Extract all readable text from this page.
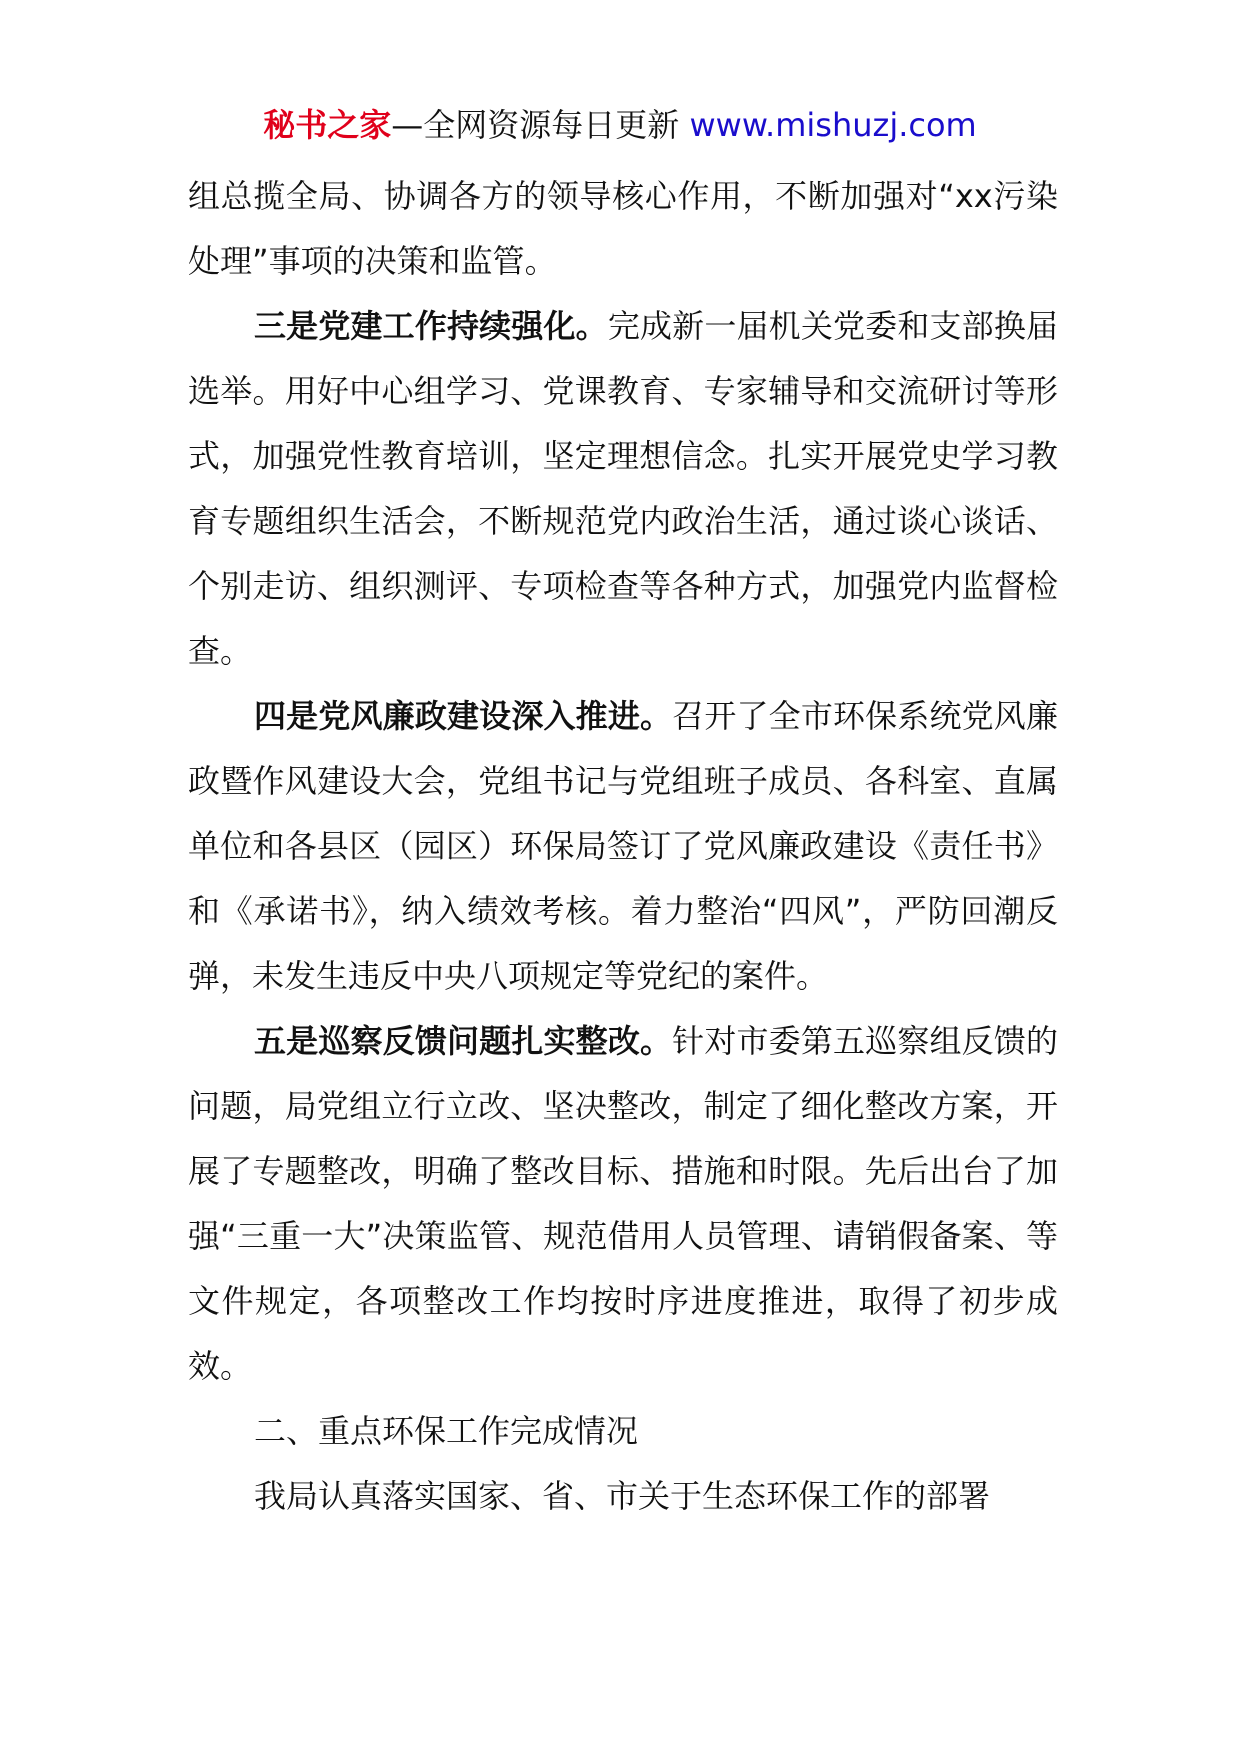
秘书之家—全网资源每日更新 www.mishuzj.com

组总揽全局、协调各方的领导核心作用，不断加强对“xx污染处理”事项的决策和监管。

三是党建工作持续强化。完成新一届机关党委和支部换届选举。用好中心组学习、党课教育、专家辅导和交流研讨等形式，加强党性教育培训，坚定理想信念。扎实开展党史学习教育专题组织生活会，不断规范党内政治生活，通过谈心谈话、个别走访、组织测评、专项检查等各种方式，加强党内监督检查。

四是党风廉政建设深入推进。召开了全市环保系统党风廉政暨作风建设大会，党组书记与党组班子成员、各科室、直属单位和各县区（园区）环保局签订了党风廉政建设《责任书》和《承诺书》，纳入绩效考核。着力整治“四风”，严防回潮反弹，未发生违反中央八项规定等党纪的案件。

五是巡察反馈问题扎实整改。针对市委第五巡察组反馈的问题，局党组立行立改、坚决整改，制定了细化整改方案，开展了专题整改，明确了整改目标、措施和时限。先后出台了加强“三重一大”决策监管、规范借用人员管理、请销假备案、等文件规定，各项整改工作均按时序进度推进，取得了初步成效。

二、重点环保工作完成情况

我局认真落实国家、省、市关于生态环保工作的部署
